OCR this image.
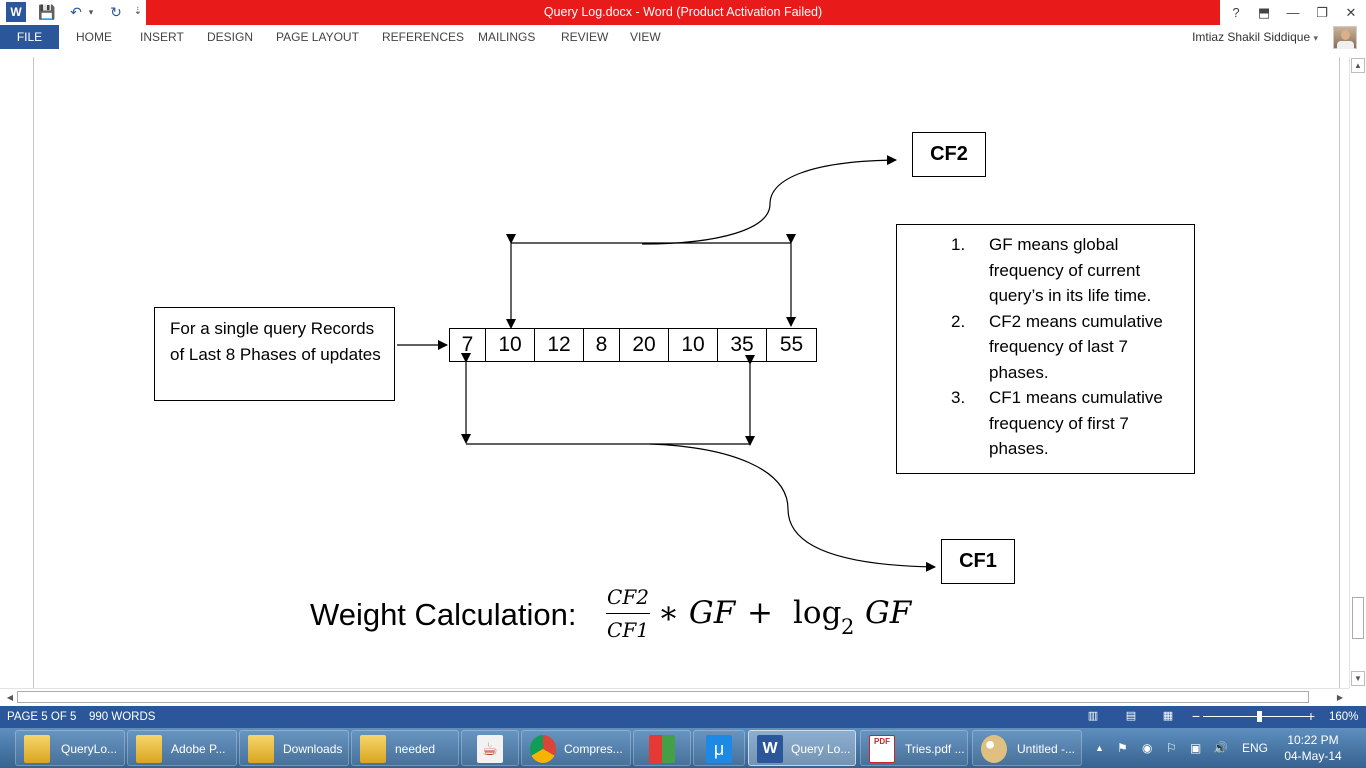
W	💾 ↶ ▾ ↻	⇣	Query Log.docx - Word (Product Activation Failed)	?	⬒	—	❐	✕
FILE	HOME INSERT DESIGN PAGE LAYOUT REFERENCES MAILINGS REVIEW VIEW	Imtiaz Shakil Siddique ▾
For a single query Records of Last 8 Phases of updates	7	10	12	8	20	10	35	55
CF2
CF1
1. GF means global frequency of current query’s in its life time.
2. CF2 means cumulative frequency of last 7 phases.
3. CF1 means cumulative frequency of first 7 phases.
Weight Calculation: CF2
CF1 ∗ GF + log 2 GF
▲
▼
◀	▶
PAGE 5 OF 5 990 WORDS	▥	▤ ▦ −	+ 160%
QueryLo...	Adobe P...	Downloads	needed	☕	Compres...	μ	W	Query Lo...
PDF
Tries.pdf ...	Untitled -... ▲ ⚑ ◉ ⚐ ▣ 🔊 ENG
10:22 PM
04-May-14
